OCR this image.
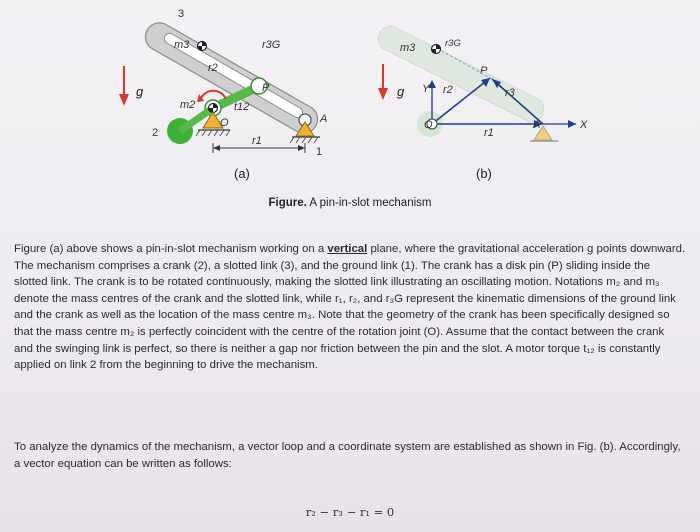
g
3
m3	r3G
r2
P
m2	t12
O
2
A
r1
1
(a)
g
m3	r3G
Y r2
P
r3
r1
X
O	A
(b)
Figure. A pin-in-slot mechanism
Figure (a) above shows a pin-in-slot mechanism working on a vertical plane, where the gravitational acceleration g points downward. The mechanism comprises a crank (2), a slotted link (3), and the ground link (1). The crank has a disk pin (P) sliding inside the slotted link. The crank is to be rotated continuously, making the slotted link illustrating an oscillating motion. Notations m₂ and m₃ denote the mass centres of the crank and the slotted link, while r₁, r₂, and r₃G represent the kinematic dimensions of the ground link and the crank as well as the location of the mass centre m₃. Note that the geometry of the crank has been specifically designed so that the mass centre m₂ is perfectly coincident with the centre of the rotation joint (O). Assume that the contact between the crank and the swinging link is perfect, so there is neither a gap nor friction between the pin and the slot. A motor torque t₁₂ is constantly applied on link 2 from the beginning to drive the mechanism.
To analyze the dynamics of the mechanism, a vector loop and a coordinate system are established as shown in Fig. (b). Accordingly, a vector equation can be written as follows:
r₂ − r₃ − r₁ = 0
